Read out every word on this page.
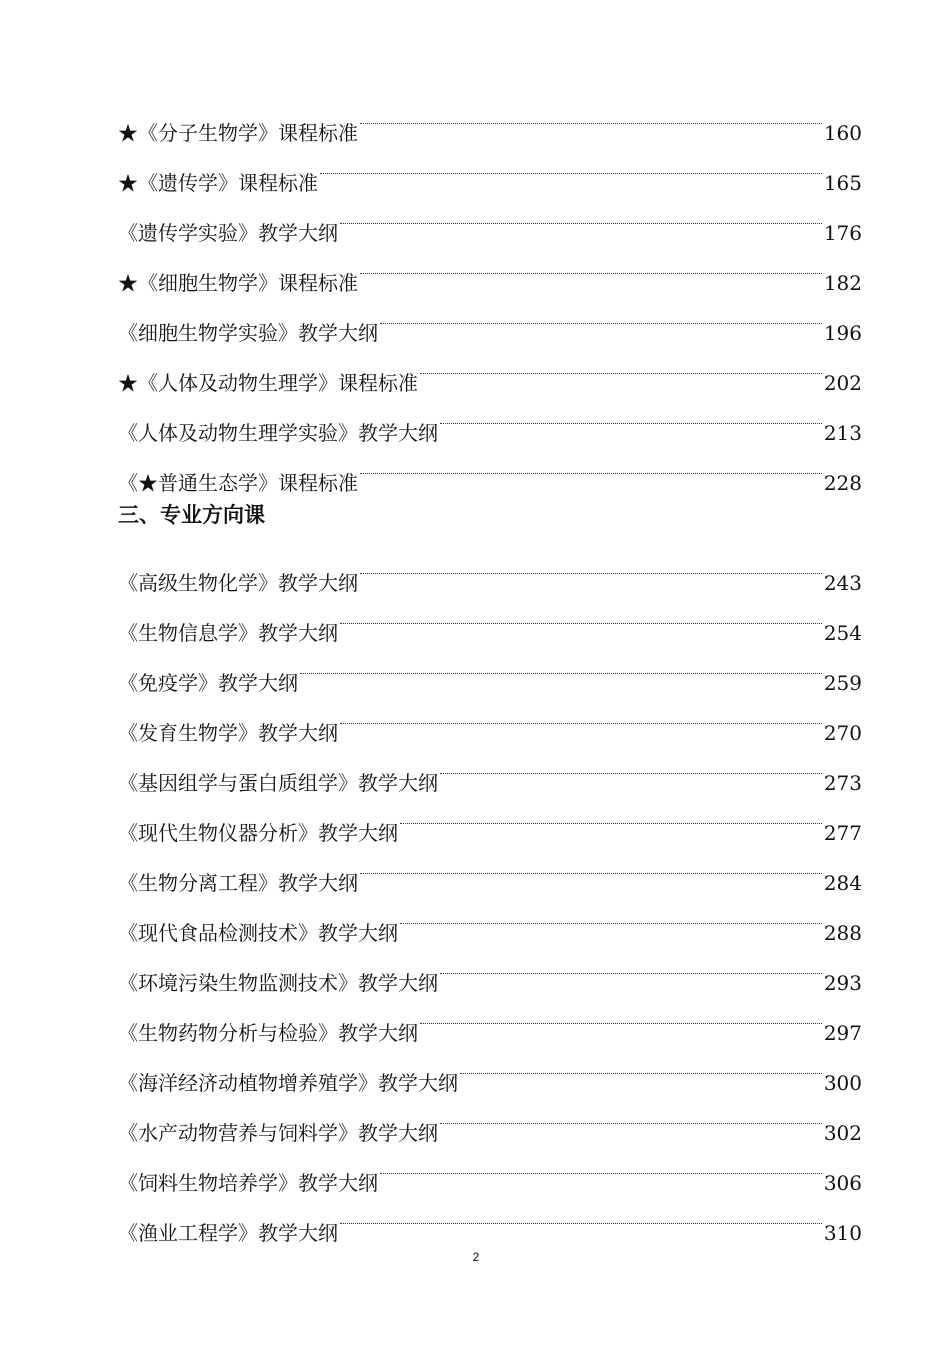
★《分子生物学》课程标准	160
★《遗传学》课程标准	165
《遗传学实验》教学大纲	176
★《细胞生物学》课程标准	182
《细胞生物学实验》教学大纲	196
★《人体及动物生理学》课程标准	202
《人体及动物生理学实验》教学大纲	213
《★普通生态学》课程标准	228
三、专业方向课
《高级生物化学》教学大纲	243
《生物信息学》教学大纲	254
《免疫学》教学大纲	259
《发育生物学》教学大纲	270
《基因组学与蛋白质组学》教学大纲	273
《现代生物仪器分析》教学大纲	277
《生物分离工程》教学大纲	284
《现代食品检测技术》教学大纲	288
《环境污染生物监测技术》教学大纲	293
《生物药物分析与检验》教学大纲	297
《海洋经济动植物增养殖学》教学大纲	300
《水产动物营养与饲料学》教学大纲	302
《饲料生物培养学》教学大纲	306
《渔业工程学》教学大纲	310
2
